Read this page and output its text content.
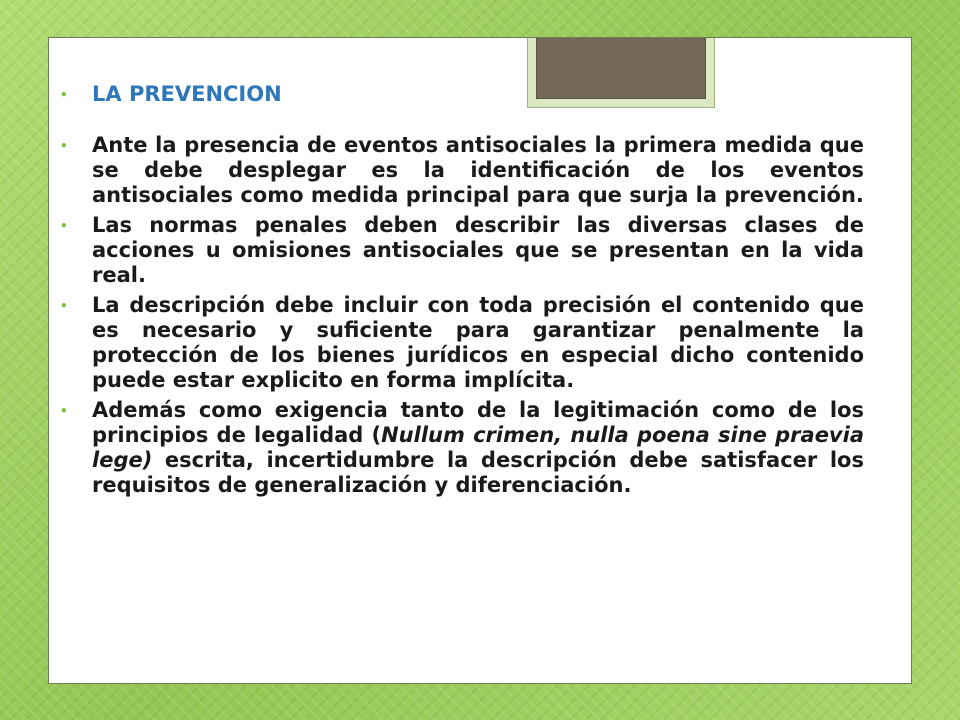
• LA PREVENCION
• Ante la presencia de eventos antisociales la primera medida que se debe desplegar es la identificación de los eventos antisociales como medida principal para que surja la prevención.
• Las normas penales deben describir las diversas clases de acciones u omisiones antisociales que se presentan en la vida real.
• La descripción debe incluir con toda precisión el contenido que es necesario y suficiente para garantizar penalmente la protección de los bienes jurídicos en especial dicho contenido puede estar explicito en forma implícita.
• Además como exigencia tanto de la legitimación como de los principios de legalidad (Nullum crimen, nulla poena sine praevia lege) escrita, incertidumbre la descripción debe satisfacer los requisitos de generalización y diferenciación.
